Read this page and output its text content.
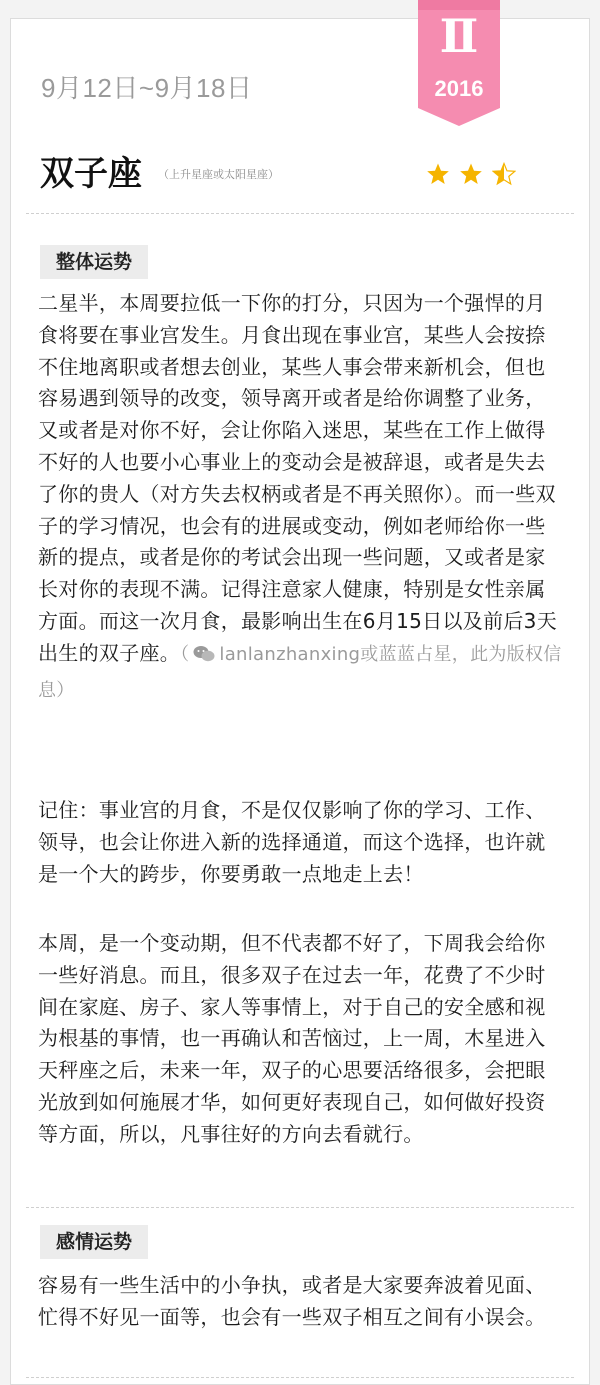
9月12日~9月18日
Ⅱ
2016
双子座 （上升星座或太阳星座）

整体运势
二星半，本周要拉低一下你的打分，只因为一个强悍的月食将要在事业宫发生。月食出现在事业宫，某些人会按捺不住地离职或者想去创业，某些人事会带来新机会，但也容易遇到领导的改变，领导离开或者是给你调整了业务，又或者是对你不好，会让你陷入迷思，某些在工作上做得不好的人也要小心事业上的变动会是被辞退，或者是失去了你的贵人（对方失去权柄或者是不再关照你）。而一些双子的学习情况，也会有的进展或变动，例如老师给你一些新的提点，或者是你的考试会出现一些问题，又或者是家长对你的表现不满。记得注意家人健康，特别是女性亲属方面。而这一次月食，最影响出生在6月15日以及前后3天出生的双子座。（ lanlanzhanxing或蓝蓝占星，此为版权信息）
记住：事业宫的月食，不是仅仅影响了你的学习、工作、领导，也会让你进入新的选择通道，而这个选择，也许就是一个大的跨步，你要勇敢一点地走上去！
本周，是一个变动期，但不代表都不好了，下周我会给你一些好消息。而且，很多双子在过去一年，花费了不少时间在家庭、房子、家人等事情上，对于自己的安全感和视为根基的事情，也一再确认和苦恼过，上一周，木星进入天秤座之后，未来一年，双子的心思要活络很多，会把眼光放到如何施展才华，如何更好表现自己，如何做好投资等方面，所以，凡事往好的方向去看就行。
感情运势
容易有一些生活中的小争执，或者是大家要奔波着见面、忙得不好见一面等，也会有一些双子相互之间有小误会。
